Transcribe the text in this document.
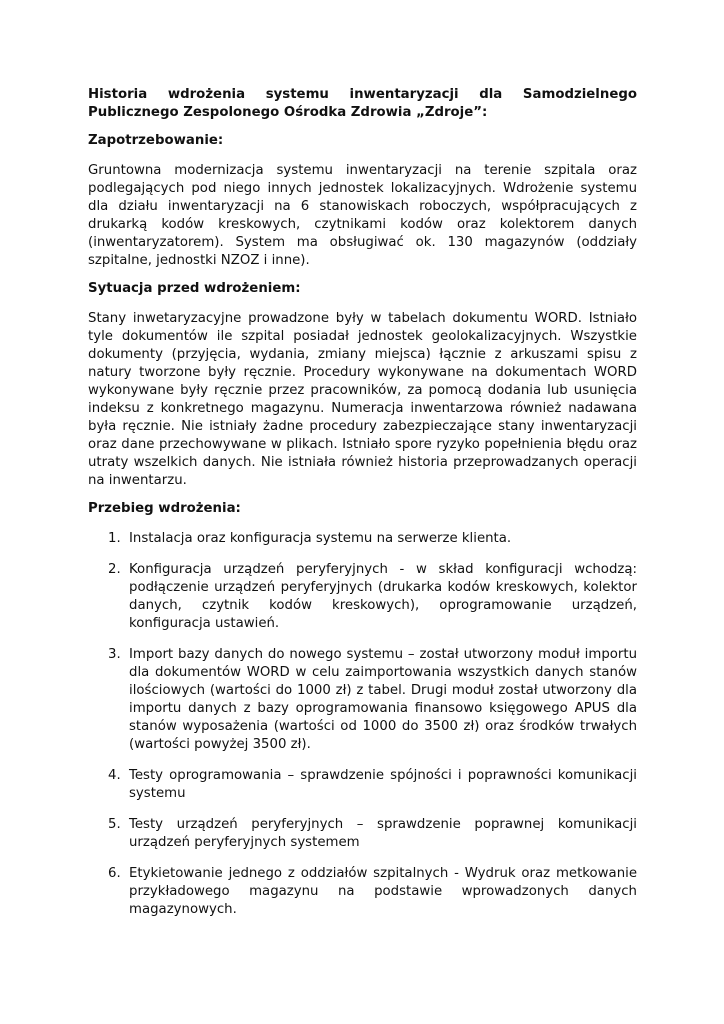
Historia wdrożenia systemu inwentaryzacji dla Samodzielnego Publicznego Zespolonego Ośrodka Zdrowia „Zdroje”:
Zapotrzebowanie:
Gruntowna modernizacja systemu inwentaryzacji na terenie szpitala oraz podlegających pod niego innych jednostek lokalizacyjnych. Wdrożenie systemu dla działu inwentaryzacji na 6 stanowiskach roboczych, współpracujących z drukarką kodów kreskowych, czytnikami kodów oraz kolektorem danych (inwentaryzatorem). System ma obsługiwać ok. 130 magazynów (oddziały szpitalne, jednostki NZOZ i inne).
Sytuacja przed wdrożeniem:
Stany inwetaryzacyjne prowadzone były w tabelach dokumentu WORD. Istniało tyle dokumentów ile szpital posiadał jednostek geolokalizacyjnych. Wszystkie dokumenty (przyjęcia, wydania, zmiany miejsca) łącznie z arkuszami spisu z natury tworzone były ręcznie. Procedury wykonywane na dokumentach WORD wykonywane były ręcznie przez pracowników, za pomocą dodania lub usunięcia indeksu z konkretnego magazynu. Numeracja inwentarzowa również nadawana była ręcznie. Nie istniały żadne procedury zabezpieczające stany inwentaryzacji oraz dane przechowywane w plikach. Istniało spore ryzyko popełnienia błędu oraz utraty wszelkich danych. Nie istniała również historia przeprowadzanych operacji na inwentarzu.
Przebieg wdrożenia:
1. Instalacja oraz konfiguracja systemu na serwerze klienta.
2. Konfiguracja urządzeń peryferyjnych - w skład konfiguracji wchodzą: podłączenie urządzeń peryferyjnych (drukarka kodów kreskowych, kolektor danych, czytnik kodów kreskowych), oprogramowanie urządzeń, konfiguracja ustawień.
3. Import bazy danych do nowego systemu – został utworzony moduł importu dla dokumentów WORD w celu zaimportowania wszystkich danych stanów ilościowych (wartości do 1000 zł) z tabel. Drugi moduł został utworzony dla importu danych z bazy oprogramowania finansowo księgowego APUS dla stanów wyposażenia (wartości od 1000 do 3500 zł) oraz środków trwałych (wartości powyżej 3500 zł).
4. Testy oprogramowania – sprawdzenie spójności i poprawności komunikacji systemu
5. Testy urządzeń peryferyjnych – sprawdzenie poprawnej komunikacji urządzeń peryferyjnych systemem
6. Etykietowanie jednego z oddziałów szpitalnych - Wydruk oraz metkowanie przykładowego magazynu na podstawie wprowadzonych danych magazynowych.
